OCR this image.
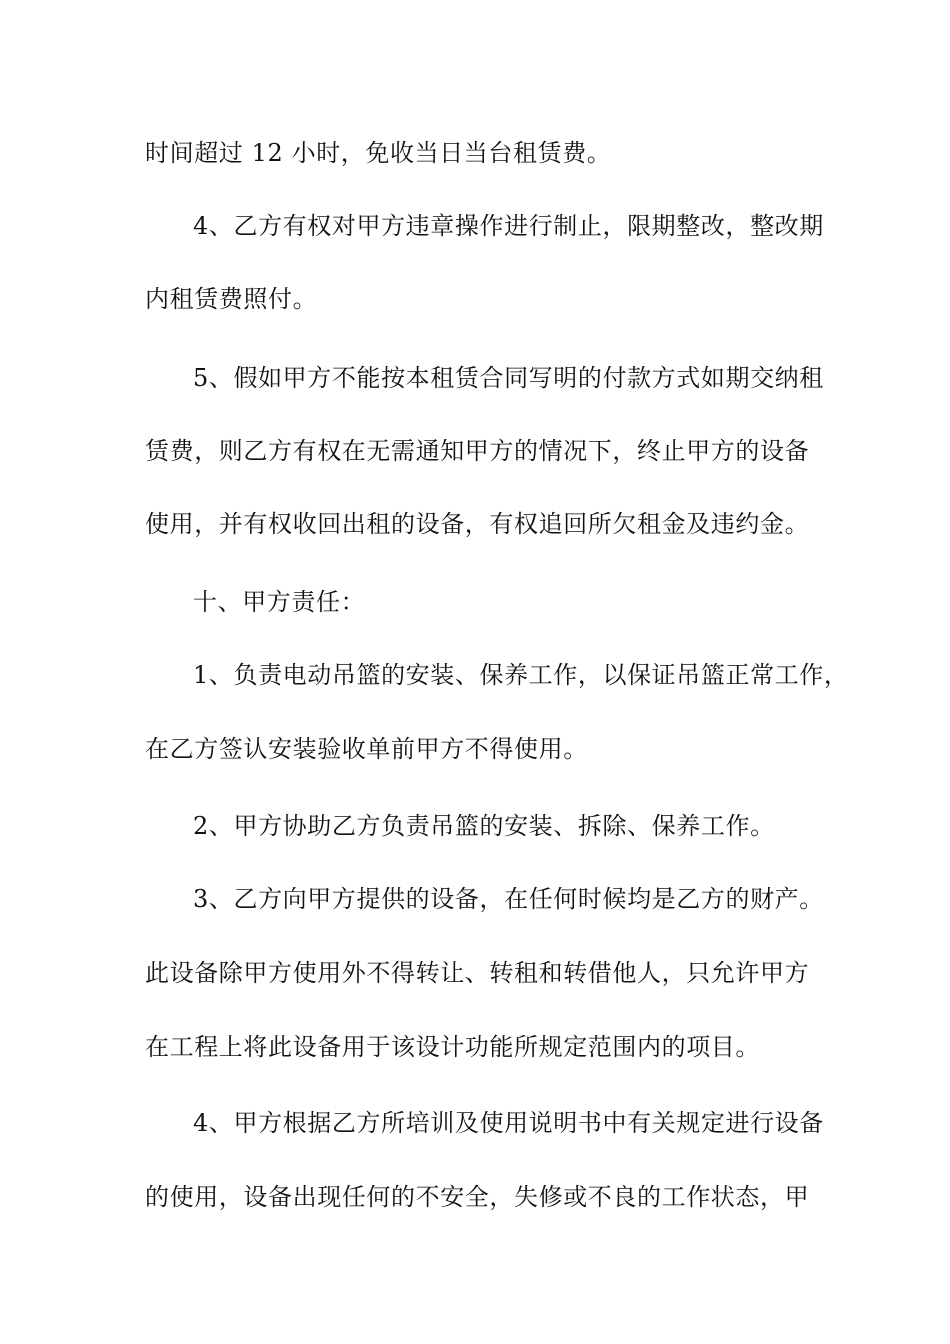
时间超过 12 小时，免收当日当台租赁费。
4、乙方有权对甲方违章操作进行制止，限期整改，整改期
内租赁费照付。
5、假如甲方不能按本租赁合同写明的付款方式如期交纳租
赁费，则乙方有权在无需通知甲方的情况下，终止甲方的设备
使用，并有权收回出租的设备，有权追回所欠租金及违约金。
十、甲方责任：
1、负责电动吊篮的安装、保养工作，以保证吊篮正常工作，
在乙方签认安装验收单前甲方不得使用。
2、甲方协助乙方负责吊篮的安装、拆除、保养工作。
3、乙方向甲方提供的设备，在任何时候均是乙方的财产。
此设备除甲方使用外不得转让、转租和转借他人，只允许甲方
在工程上将此设备用于该设计功能所规定范围内的项目。
4、甲方根据乙方所培训及使用说明书中有关规定进行设备
的使用，设备出现任何的不安全，失修或不良的工作状态，甲
